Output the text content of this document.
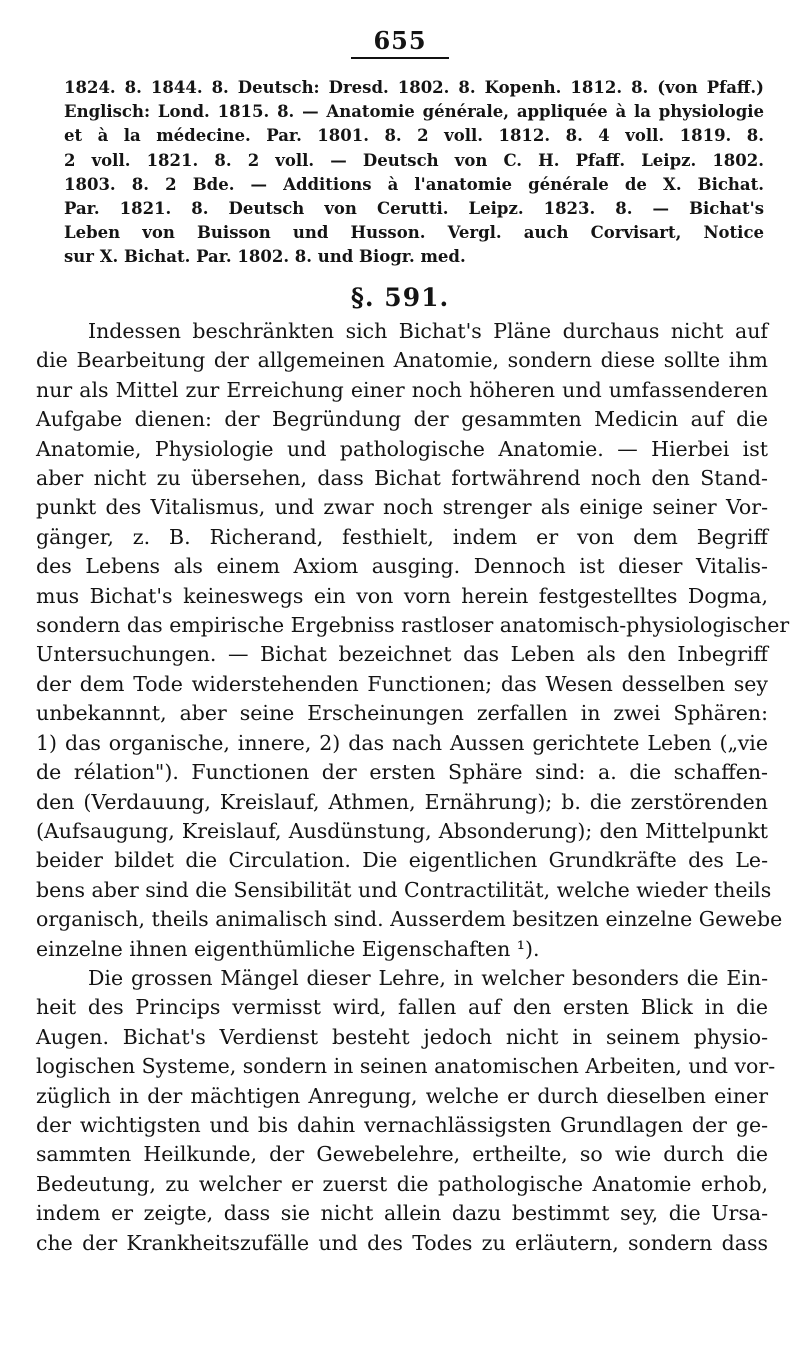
655
1824. 8. 1844. 8. Deutsch: Dresd. 1802. 8. Kopenh. 1812. 8. (von Pfaff.)
Englisch: Lond. 1815. 8. — Anatomie générale, appliquée à la physiologie
et à la médecine. Par. 1801. 8. 2 voll. 1812. 8. 4 voll. 1819. 8.
2 voll. 1821. 8. 2 voll. — Deutsch von C. H. Pfaff. Leipz. 1802.
1803. 8. 2 Bde. — Additions à l'anatomie générale de X. Bichat.
Par. 1821. 8. Deutsch von Cerutti. Leipz. 1823. 8. — Bichat's
Leben von Buisson und Husson. Vergl. auch Corvisart, Notice
sur X. Bichat. Par. 1802. 8. und Biogr. med.
§. 591.
Indessen beschränkten sich Bichat's Pläne durchaus nicht auf
die Bearbeitung der allgemeinen Anatomie, sondern diese sollte ihm
nur als Mittel zur Erreichung einer noch höheren und umfassenderen
Aufgabe dienen: der Begründung der gesammten Medicin auf die
Anatomie, Physiologie und pathologische Anatomie. — Hierbei ist
aber nicht zu übersehen, dass Bichat fortwährend noch den Stand-
punkt des Vitalismus, und zwar noch strenger als einige seiner Vor-
gänger, z. B. Richerand, festhielt, indem er von dem Begriff
des Lebens als einem Axiom ausging. Dennoch ist dieser Vitalis-
mus Bichat's keineswegs ein von vorn herein festgestelltes Dogma,
sondern das empirische Ergebniss rastloser anatomisch-physiologischer
Untersuchungen. — Bichat bezeichnet das Leben als den Inbegriff
der dem Tode widerstehenden Functionen; das Wesen desselben sey
unbekannnt, aber seine Erscheinungen zerfallen in zwei Sphären:
1) das organische, innere, 2) das nach Aussen gerichtete Leben („vie
de rélation"). Functionen der ersten Sphäre sind: a. die schaffen-
den (Verdauung, Kreislauf, Athmen, Ernährung); b. die zerstörenden
(Aufsaugung, Kreislauf, Ausdünstung, Absonderung); den Mittelpunkt
beider bildet die Circulation. Die eigentlichen Grundkräfte des Le-
bens aber sind die Sensibilität und Contractilität, welche wieder theils
organisch, theils animalisch sind. Ausserdem besitzen einzelne Gewebe
einzelne ihnen eigenthümliche Eigenschaften ¹).
Die grossen Mängel dieser Lehre, in welcher besonders die Ein-
heit des Princips vermisst wird, fallen auf den ersten Blick in die
Augen. Bichat's Verdienst besteht jedoch nicht in seinem physio-
logischen Systeme, sondern in seinen anatomischen Arbeiten, und vor-
züglich in der mächtigen Anregung, welche er durch dieselben einer
der wichtigsten und bis dahin vernachlässigsten Grundlagen der ge-
sammten Heilkunde, der Gewebelehre, ertheilte, so wie durch die
Bedeutung, zu welcher er zuerst die pathologische Anatomie erhob,
indem er zeigte, dass sie nicht allein dazu bestimmt sey, die Ursa-
che der Krankheitszufälle und des Todes zu erläutern, sondern dass
